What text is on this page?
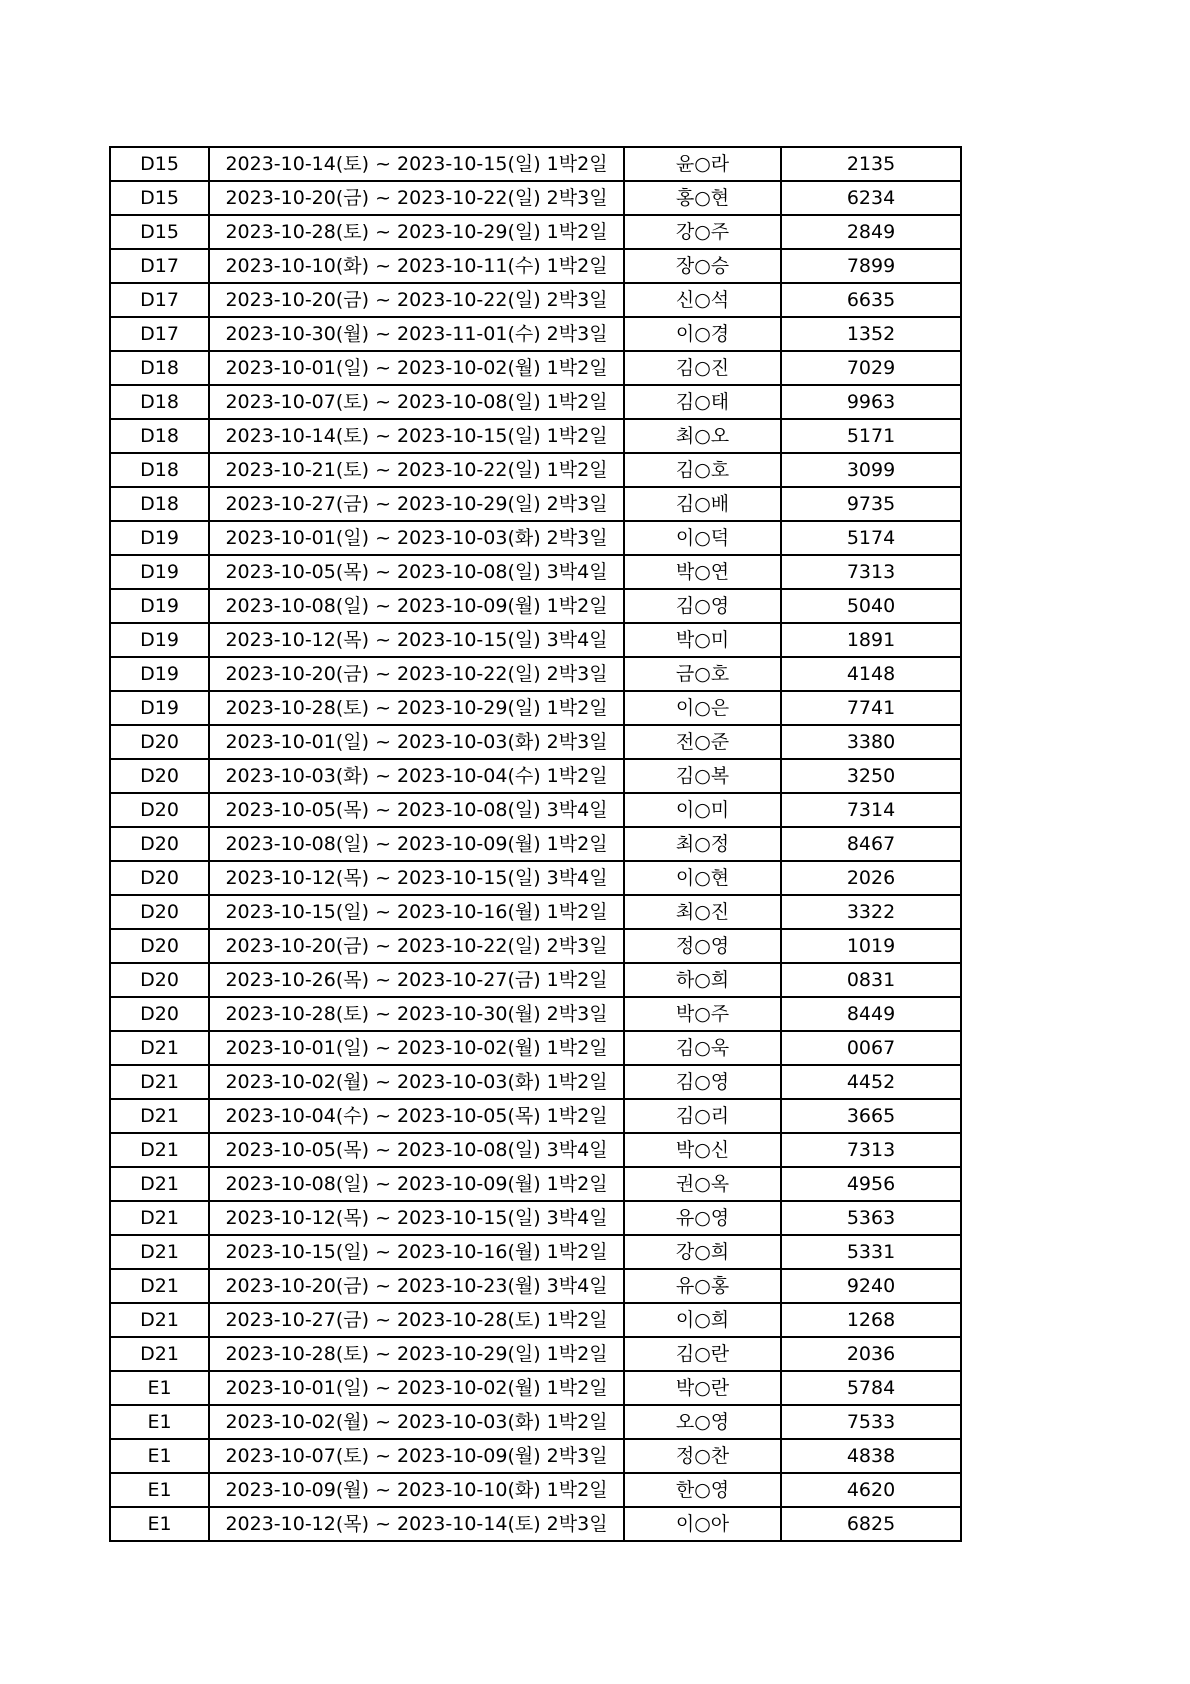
D15	2023-10-14(토) ~ 2023-10-15(일) 1박2일	윤○라	2135
D15	2023-10-20(금) ~ 2023-10-22(일) 2박3일	홍○현	6234
D15	2023-10-28(토) ~ 2023-10-29(일) 1박2일	강○주	2849
D17	2023-10-10(화) ~ 2023-10-11(수) 1박2일	장○승	7899
D17	2023-10-20(금) ~ 2023-10-22(일) 2박3일	신○석	6635
D17	2023-10-30(월) ~ 2023-11-01(수) 2박3일	이○경	1352
D18	2023-10-01(일) ~ 2023-10-02(월) 1박2일	김○진	7029
D18	2023-10-07(토) ~ 2023-10-08(일) 1박2일	김○태	9963
D18	2023-10-14(토) ~ 2023-10-15(일) 1박2일	최○오	5171
D18	2023-10-21(토) ~ 2023-10-22(일) 1박2일	김○호	3099
D18	2023-10-27(금) ~ 2023-10-29(일) 2박3일	김○배	9735
D19	2023-10-01(일) ~ 2023-10-03(화) 2박3일	이○덕	5174
D19	2023-10-05(목) ~ 2023-10-08(일) 3박4일	박○연	7313
D19	2023-10-08(일) ~ 2023-10-09(월) 1박2일	김○영	5040
D19	2023-10-12(목) ~ 2023-10-15(일) 3박4일	박○미	1891
D19	2023-10-20(금) ~ 2023-10-22(일) 2박3일	금○호	4148
D19	2023-10-28(토) ~ 2023-10-29(일) 1박2일	이○은	7741
D20	2023-10-01(일) ~ 2023-10-03(화) 2박3일	전○준	3380
D20	2023-10-03(화) ~ 2023-10-04(수) 1박2일	김○복	3250
D20	2023-10-05(목) ~ 2023-10-08(일) 3박4일	이○미	7314
D20	2023-10-08(일) ~ 2023-10-09(월) 1박2일	최○정	8467
D20	2023-10-12(목) ~ 2023-10-15(일) 3박4일	이○현	2026
D20	2023-10-15(일) ~ 2023-10-16(월) 1박2일	최○진	3322
D20	2023-10-20(금) ~ 2023-10-22(일) 2박3일	정○영	1019
D20	2023-10-26(목) ~ 2023-10-27(금) 1박2일	하○희	0831
D20	2023-10-28(토) ~ 2023-10-30(월) 2박3일	박○주	8449
D21	2023-10-01(일) ~ 2023-10-02(월) 1박2일	김○욱	0067
D21	2023-10-02(월) ~ 2023-10-03(화) 1박2일	김○영	4452
D21	2023-10-04(수) ~ 2023-10-05(목) 1박2일	김○리	3665
D21	2023-10-05(목) ~ 2023-10-08(일) 3박4일	박○신	7313
D21	2023-10-08(일) ~ 2023-10-09(월) 1박2일	권○옥	4956
D21	2023-10-12(목) ~ 2023-10-15(일) 3박4일	유○영	5363
D21	2023-10-15(일) ~ 2023-10-16(월) 1박2일	강○희	5331
D21	2023-10-20(금) ~ 2023-10-23(월) 3박4일	유○홍	9240
D21	2023-10-27(금) ~ 2023-10-28(토) 1박2일	이○희	1268
D21	2023-10-28(토) ~ 2023-10-29(일) 1박2일	김○란	2036
E1	2023-10-01(일) ~ 2023-10-02(월) 1박2일	박○란	5784
E1	2023-10-02(월) ~ 2023-10-03(화) 1박2일	오○영	7533
E1	2023-10-07(토) ~ 2023-10-09(월) 2박3일	정○찬	4838
E1	2023-10-09(월) ~ 2023-10-10(화) 1박2일	한○영	4620
E1	2023-10-12(목) ~ 2023-10-14(토) 2박3일	이○아	6825
